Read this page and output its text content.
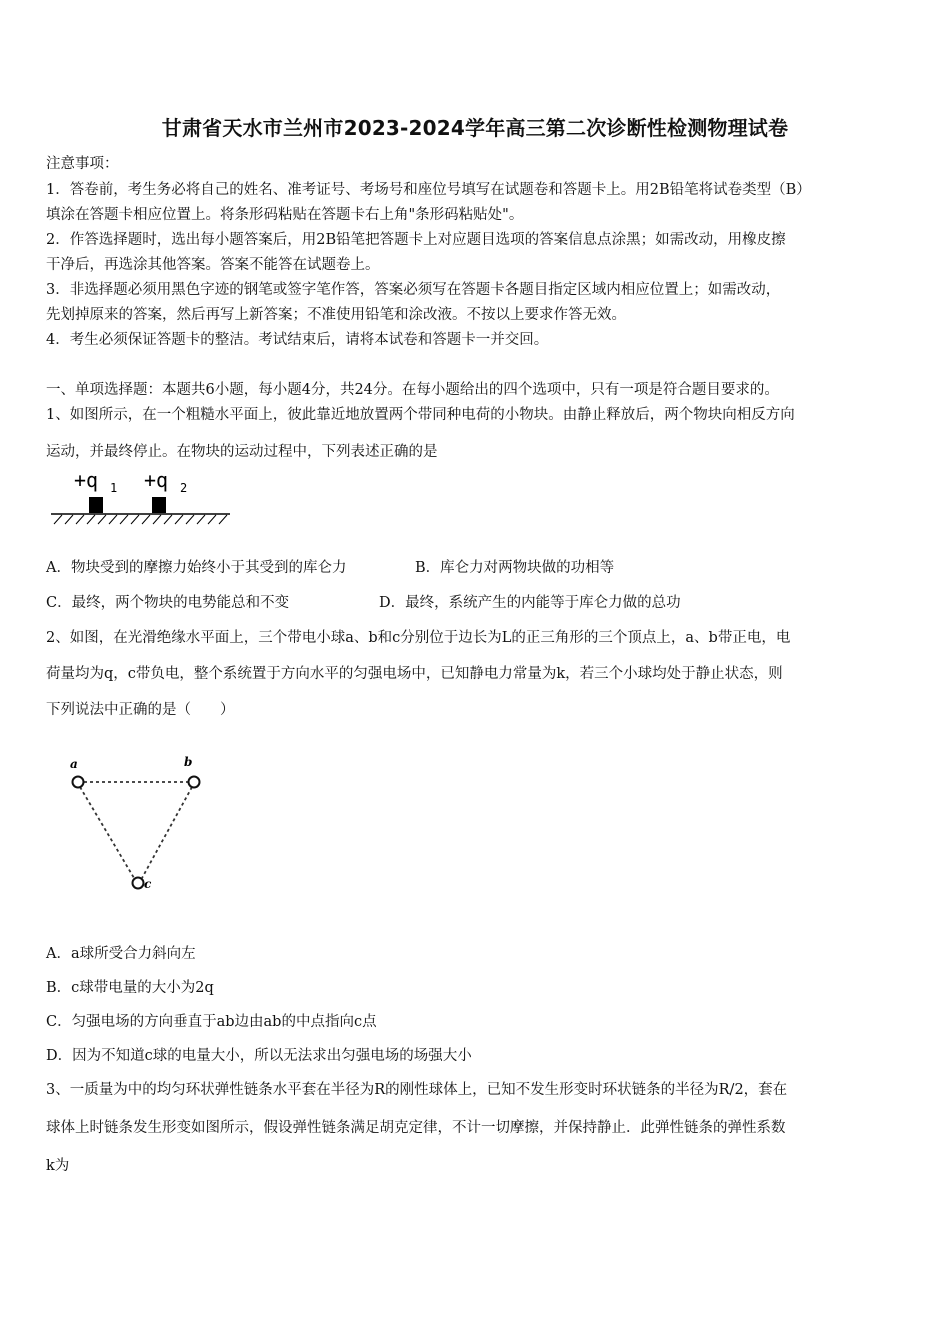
甘肃省天水市兰州市2023-2024学年高三第二次诊断性检测物理试卷
注意事项：
1．答卷前，考生务必将自己的姓名、准考证号、考场号和座位号填写在试题卷和答题卡上。用2B铅笔将试卷类型（B）
填涂在答题卡相应位置上。将条形码粘贴在答题卡右上角"条形码粘贴处"。
2．作答选择题时，选出每小题答案后，用2B铅笔把答题卡上对应题目选项的答案信息点涂黑；如需改动，用橡皮擦
干净后，再选涂其他答案。答案不能答在试题卷上。
3．非选择题必须用黑色字迹的钢笔或签字笔作答，答案必须写在答题卡各题目指定区域内相应位置上；如需改动，
先划掉原来的答案，然后再写上新答案；不准使用铅笔和涂改液。不按以上要求作答无效。
4．考生必须保证答题卡的整洁。考试结束后，请将本试卷和答题卡一并交回。
一、单项选择题：本题共6小题，每小题4分，共24分。在每小题给出的四个选项中，只有一项是符合题目要求的。
1、如图所示，在一个粗糙水平面上，彼此靠近地放置两个带同种电荷的小物块。由静止释放后，两个物块向相反方向
运动，并最终停止。在物块的运动过程中，下列表述正确的是
+q 1 +q 2
A．物块受到的摩擦力始终小于其受到的库仑力	B．库仑力对两物块做的功相等
C．最终，两个物块的电势能总和不变	D．最终，系统产生的内能等于库仑力做的总功
2、如图，在光滑绝缘水平面上，三个带电小球a、b和c分别位于边长为L的正三角形的三个顶点上，a、b带正电，电
荷量均为q，c带负电，整个系统置于方向水平的匀强电场中，已知静电力常量为k，若三个小球均处于静止状态，则
下列说法中正确的是（　　）
a	b
c
A．a球所受合力斜向左
B．c球带电量的大小为2q
C．匀强电场的方向垂直于ab边由ab的中点指向c点
D．因为不知道c球的电量大小，所以无法求出匀强电场的场强大小
3、一质量为中的均匀环状弹性链条水平套在半径为R的刚性球体上，已知不发生形变时环状链条的半径为R/2，套在
球体上时链条发生形变如图所示，假设弹性链条满足胡克定律，不计一切摩擦，并保持静止．此弹性链条的弹性系数
k为
